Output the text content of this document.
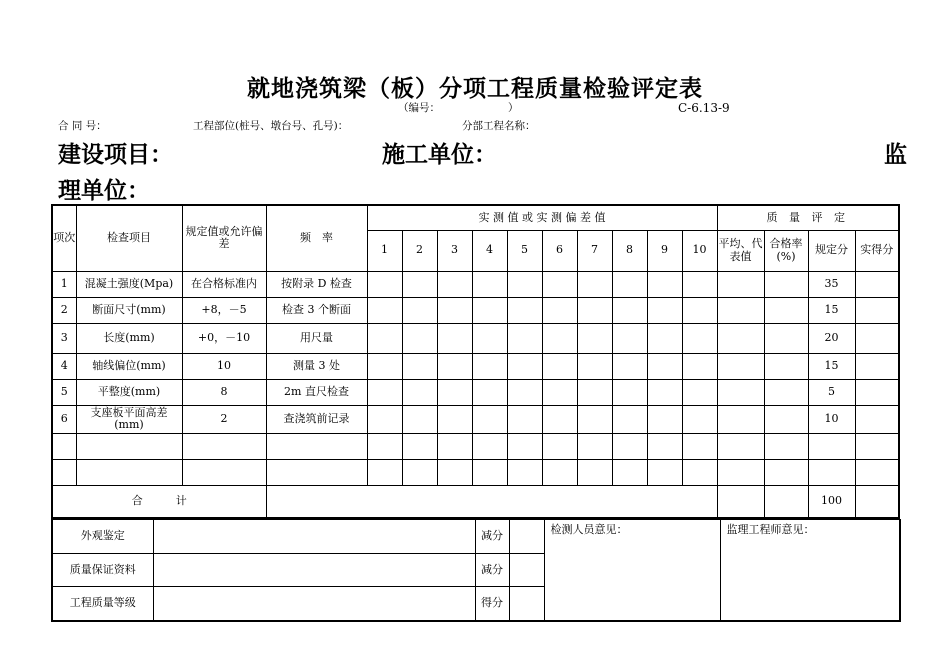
就地浇筑梁（板）分项工程质量检验评定表
（编号：	）	C-6.13-9
合 同 号：	工程部位(桩号、墩台号、孔号)：	分部工程名称：
建设项目：	施工单位：	监
理单位：
项次	检查项目	规定值或允许偏差	频　率	实 测 值 或 实 测 偏 差 值										质 量 评 定			
				1	2	3	4	5	6	7	8	9	10	平均、代表值	合格率(%)	规定分	实得分
1	混凝土强度(Mpa)	在合格标准内	按附录 D 检查													35	
2	断面尺寸(mm)	+8，－5	检查 3 个断面													15	
3	长度(mm)	+0，－10	用尺量													20	
4	轴线偏位(mm)	10	测量 3 处													15	
5	平整度(mm)	8	2m 直尺检查													5	
6	支座板平面高差(mm)	2	查浇筑前记录													10	

合　　　计																100	
外观鉴定		减分		检测人员意见：	监理工程师意见：
质量保证资料		减分			
工程质量等级		得分			
